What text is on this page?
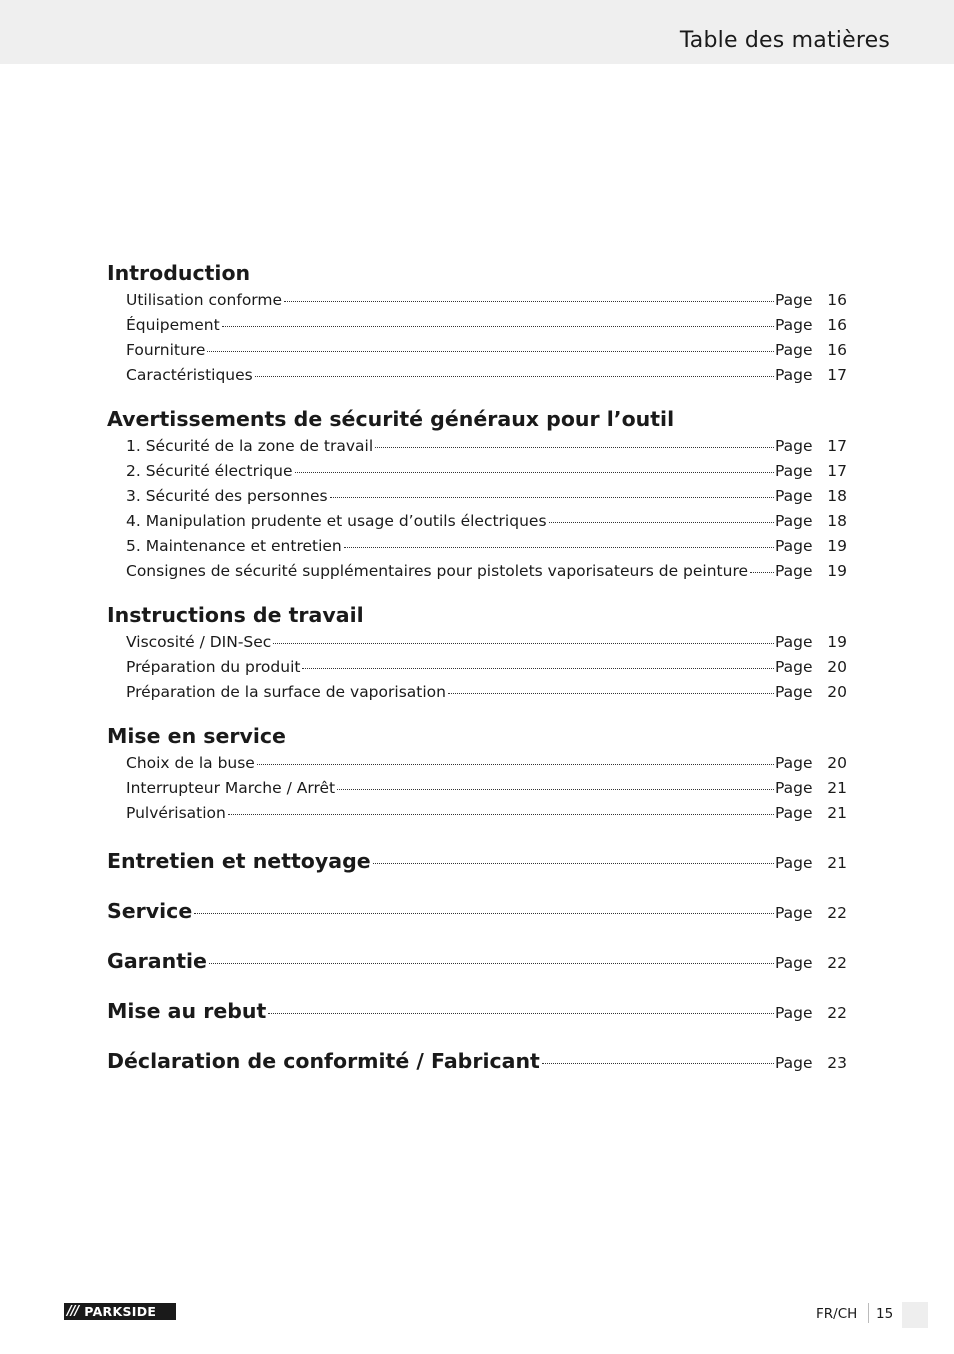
Table des matières
Introduction
Utilisation conforme	Page 16
Équipement	Page 16
Fourniture	Page 16
Caractéristiques	Page 17
Avertissements de sécurité généraux pour l’outil
1. Sécurité de la zone de travail	Page 17
2. Sécurité électrique	Page 17
3. Sécurité des personnes	Page 18
4. Manipulation prudente et usage d’outils électriques	Page 18
5. Maintenance et entretien	Page 19
Consignes de sécurité supplémentaires pour pistolets vaporisateurs de peinture Page 19
Instructions de travail
Viscosité / DIN-Sec	Page 19
Préparation du produit	Page 20
Préparation de la surface de vaporisation	Page 20
Mise en service
Choix de la buse	Page 20
Interrupteur Marche / Arrêt	Page 21
Pulvérisation	Page 21
Entretien et nettoyage	Page 21
Service	Page 22
Garantie	Page 22
Mise au rebut	Page 22
Déclaration de conformité / Fabricant	Page 23
/// PARKSIDE	FR/CH 15
